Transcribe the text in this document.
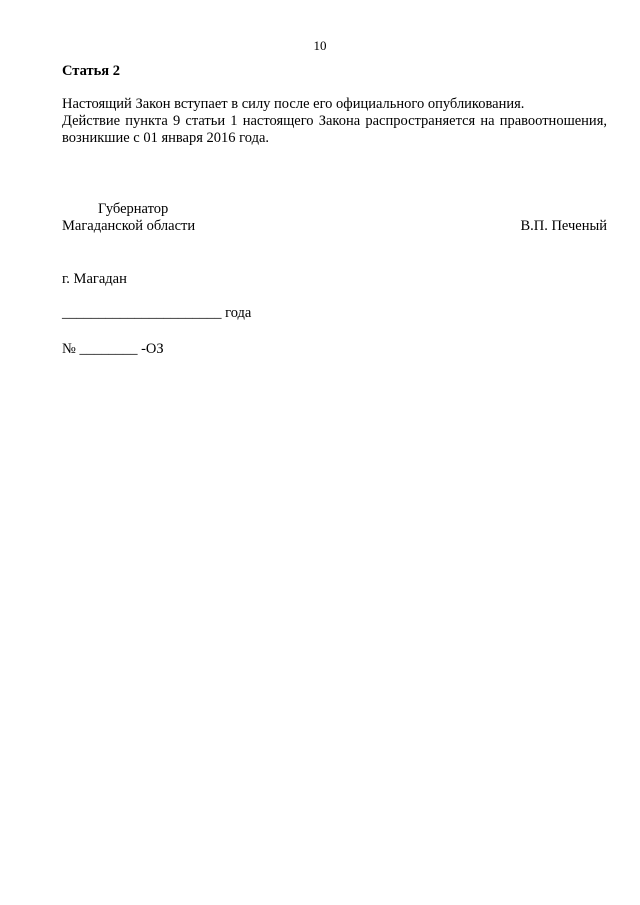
10
Статья 2
Настоящий Закон вступает в силу после его официального опубликования.
Действие пункта 9 статьи 1 настоящего Закона распространяется на правоотношения, возникшие с 01 января 2016 года.
Губернатор
Магаданской области	В.П. Печеный
г. Магадан
______________________ года
№ ________ -ОЗ
